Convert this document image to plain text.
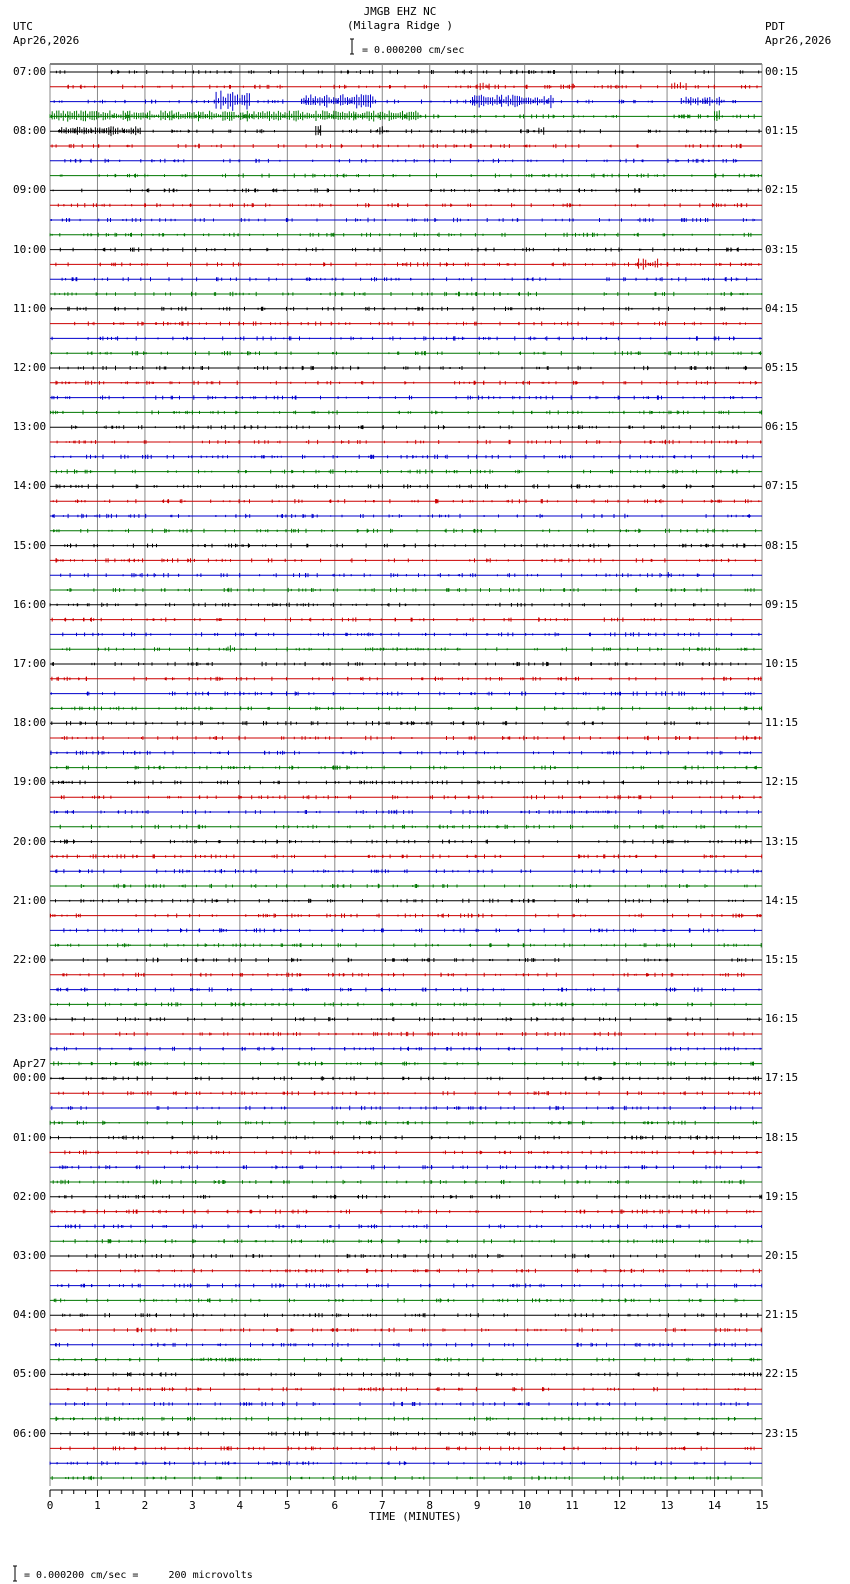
0	1	2	3	4	5	6	7	8	9	10	11	12	13	14	15
JMGB EHZ NC
(Milagra Ridge )
= 0.000200 cm/sec
UTC
Apr26,2026
PDT
Apr26,2026
07:00
08:00
09:00
10:00
11:00
12:00
13:00
14:00
15:00
16:00
17:00
18:00
19:00
20:00
21:00
22:00
23:00
00:00
01:00
02:00
03:00
04:00
05:00
06:00
Apr27
00:15
01:15
02:15
03:15
04:15
05:15
06:15
07:15
08:15
09:15
10:15
11:15
12:15
13:15
14:15
15:15
16:15
17:15
18:15
19:15
20:15
21:15
22:15
23:15
TIME (MINUTES)
= 0.000200 cm/sec =     200 microvolts
